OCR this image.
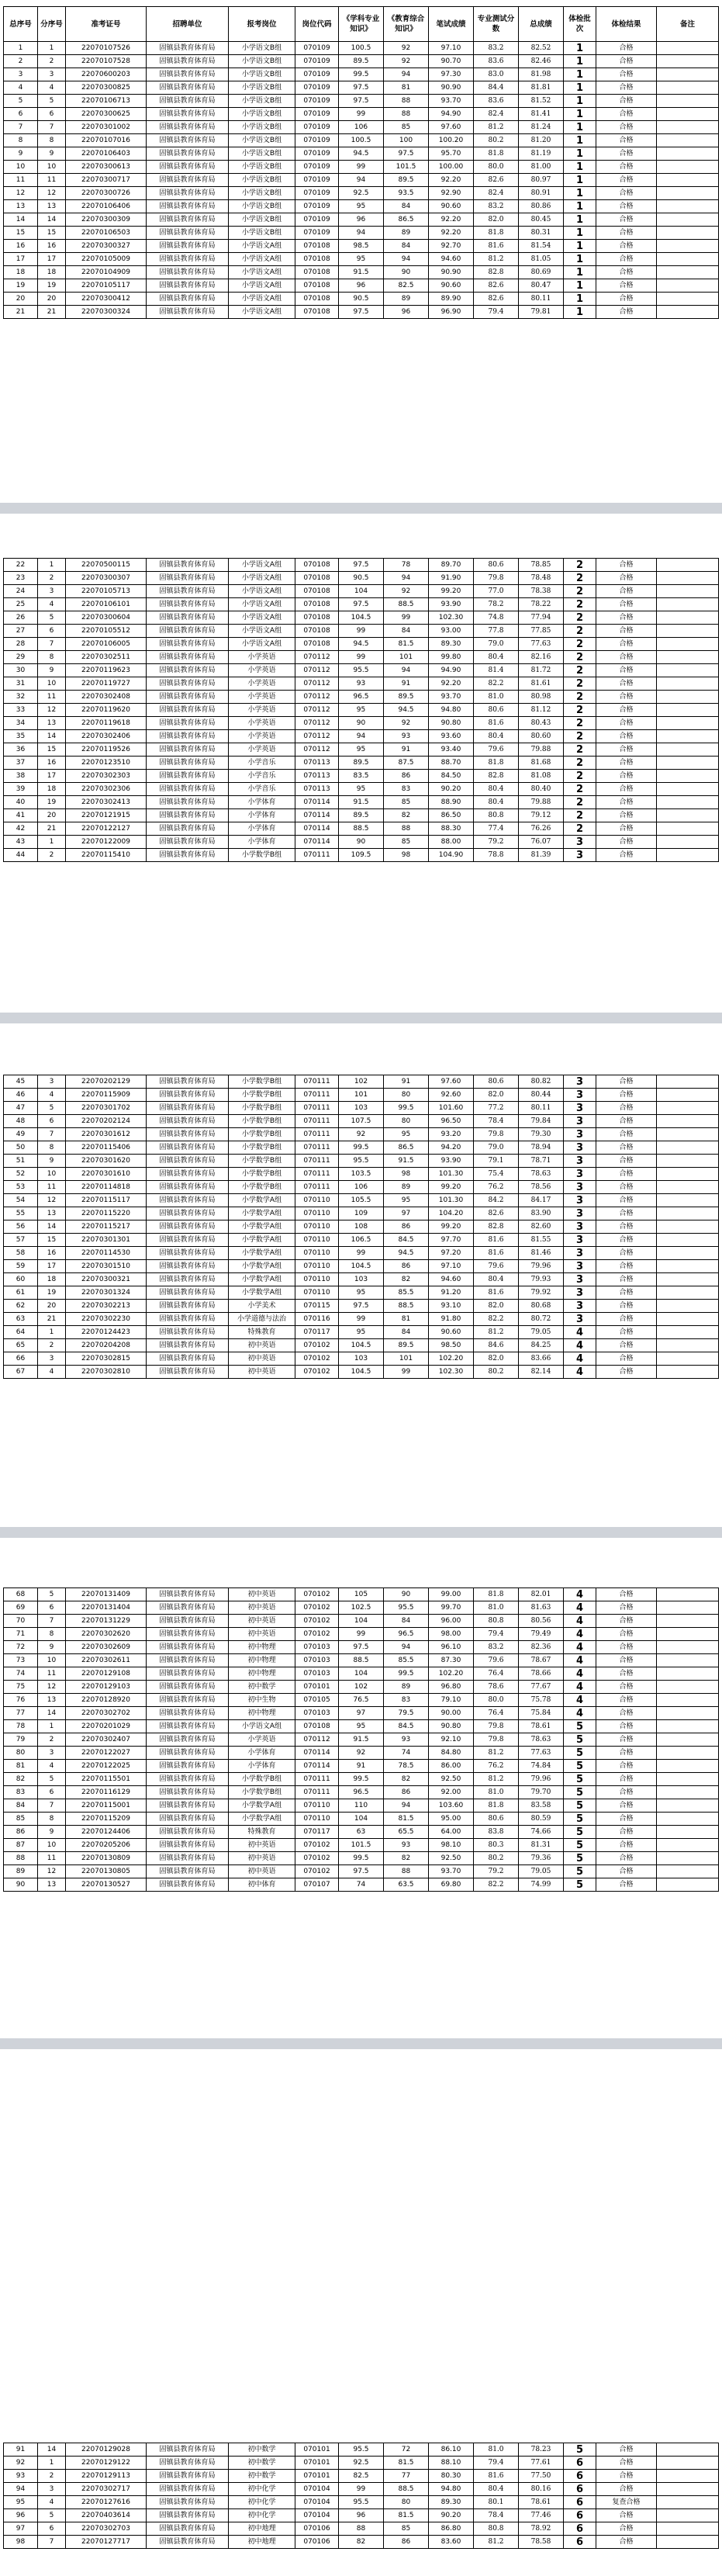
总序号	分序号	准考证号	招聘单位	报考岗位	岗位代码	《学科专业知识》	《教育综合知识》	笔试成绩	专业测试分数	总成绩	体检批次	体检结果	备注
1	1	22070107526	固镇县教育体育局	小学语文B组	070109	100.5	92	97.10	83.2	82.52	1	合格	
2	2	22070107528	固镇县教育体育局	小学语文B组	070109	89.5	92	90.70	83.6	82.46	1	合格	
3	3	22070600203	固镇县教育体育局	小学语文B组	070109	99.5	94	97.30	83.0	81.98	1	合格	
4	4	22070300825	固镇县教育体育局	小学语文B组	070109	97.5	81	90.90	84.4	81.81	1	合格	
5	5	22070106713	固镇县教育体育局	小学语文B组	070109	97.5	88	93.70	83.6	81.52	1	合格	
6	6	22070300625	固镇县教育体育局	小学语文B组	070109	99	88	94.90	82.4	81.41	1	合格	
7	7	22070301002	固镇县教育体育局	小学语文B组	070109	106	85	97.60	81.2	81.24	1	合格	
8	8	22070107016	固镇县教育体育局	小学语文B组	070109	100.5	100	100.20	80.2	81.20	1	合格	
9	9	22070106403	固镇县教育体育局	小学语文B组	070109	94.5	97.5	95.70	81.8	81.19	1	合格	
10	10	22070300613	固镇县教育体育局	小学语文B组	070109	99	101.5	100.00	80.0	81.00	1	合格	
11	11	22070300717	固镇县教育体育局	小学语文B组	070109	94	89.5	92.20	82.6	80.97	1	合格	
12	12	22070300726	固镇县教育体育局	小学语文B组	070109	92.5	93.5	92.90	82.4	80.91	1	合格	
13	13	22070106406	固镇县教育体育局	小学语文B组	070109	95	84	90.60	83.2	80.86	1	合格	
14	14	22070300309	固镇县教育体育局	小学语文B组	070109	96	86.5	92.20	82.0	80.45	1	合格	
15	15	22070106503	固镇县教育体育局	小学语文B组	070109	94	89	92.20	81.8	80.31	1	合格	
16	16	22070300327	固镇县教育体育局	小学语文A组	070108	98.5	84	92.70	81.6	81.54	1	合格	
17	17	22070105009	固镇县教育体育局	小学语文A组	070108	95	94	94.60	81.2	81.05	1	合格	
18	18	22070104909	固镇县教育体育局	小学语文A组	070108	91.5	90	90.90	82.8	80.69	1	合格	
19	19	22070105117	固镇县教育体育局	小学语文A组	070108	96	82.5	90.60	82.6	80.47	1	合格	
20	20	22070300412	固镇县教育体育局	小学语文A组	070108	90.5	89	89.90	82.6	80.11	1	合格	
21	21	22070300324	固镇县教育体育局	小学语文A组	070108	97.5	96	96.90	79.4	79.81	1	合格	
22	1	22070500115	固镇县教育体育局	小学语文A组	070108	97.5	78	89.70	80.6	78.85	2	合格	
23	2	22070300307	固镇县教育体育局	小学语文A组	070108	90.5	94	91.90	79.8	78.48	2	合格	
24	3	22070105713	固镇县教育体育局	小学语文A组	070108	104	92	99.20	77.0	78.38	2	合格	
25	4	22070106101	固镇县教育体育局	小学语文A组	070108	97.5	88.5	93.90	78.2	78.22	2	合格	
26	5	22070300604	固镇县教育体育局	小学语文A组	070108	104.5	99	102.30	74.8	77.94	2	合格	
27	6	22070105512	固镇县教育体育局	小学语文A组	070108	99	84	93.00	77.8	77.85	2	合格	
28	7	22070106005	固镇县教育体育局	小学语文A组	070108	94.5	81.5	89.30	79.0	77.63	2	合格	
29	8	22070302511	固镇县教育体育局	小学英语	070112	99	101	99.80	80.4	82.16	2	合格	
30	9	22070119623	固镇县教育体育局	小学英语	070112	95.5	94	94.90	81.4	81.72	2	合格	
31	10	22070119727	固镇县教育体育局	小学英语	070112	93	91	92.20	82.2	81.61	2	合格	
32	11	22070302408	固镇县教育体育局	小学英语	070112	96.5	89.5	93.70	81.0	80.98	2	合格	
33	12	22070119620	固镇县教育体育局	小学英语	070112	95	94.5	94.80	80.6	81.12	2	合格	
34	13	22070119618	固镇县教育体育局	小学英语	070112	90	92	90.80	81.6	80.43	2	合格	
35	14	22070302406	固镇县教育体育局	小学英语	070112	94	93	93.60	80.4	80.60	2	合格	
36	15	22070119526	固镇县教育体育局	小学英语	070112	95	91	93.40	79.6	79.88	2	合格	
37	16	22070123510	固镇县教育体育局	小学音乐	070113	89.5	87.5	88.70	81.8	81.68	2	合格	
38	17	22070302303	固镇县教育体育局	小学音乐	070113	83.5	86	84.50	82.8	81.08	2	合格	
39	18	22070302306	固镇县教育体育局	小学音乐	070113	95	83	90.20	80.4	80.40	2	合格	
40	19	22070302413	固镇县教育体育局	小学体育	070114	91.5	85	88.90	80.4	79.88	2	合格	
41	20	22070121915	固镇县教育体育局	小学体育	070114	89.5	82	86.50	80.8	79.12	2	合格	
42	21	22070122127	固镇县教育体育局	小学体育	070114	88.5	88	88.30	77.4	76.26	2	合格	
43	1	22070122009	固镇县教育体育局	小学体育	070114	90	85	88.00	79.2	76.07	3	合格	
44	2	22070115410	固镇县教育体育局	小学数学B组	070111	109.5	98	104.90	78.8	81.39	3	合格	
45	3	22070202129	固镇县教育体育局	小学数学B组	070111	102	91	97.60	80.6	80.82	3	合格	
46	4	22070115909	固镇县教育体育局	小学数学B组	070111	101	80	92.60	82.0	80.44	3	合格	
47	5	22070301702	固镇县教育体育局	小学数学B组	070111	103	99.5	101.60	77.2	80.11	3	合格	
48	6	22070202124	固镇县教育体育局	小学数学B组	070111	107.5	80	96.50	78.4	79.84	3	合格	
49	7	22070301612	固镇县教育体育局	小学数学B组	070111	92	95	93.20	79.8	79.30	3	合格	
50	8	22070115406	固镇县教育体育局	小学数学B组	070111	99.5	86.5	94.20	79.0	78.94	3	合格	
51	9	22070301620	固镇县教育体育局	小学数学B组	070111	95.5	91.5	93.90	79.1	78.71	3	合格	
52	10	22070301610	固镇县教育体育局	小学数学B组	070111	103.5	98	101.30	75.4	78.63	3	合格	
53	11	22070114818	固镇县教育体育局	小学数学B组	070111	106	89	99.20	76.2	78.56	3	合格	
54	12	22070115117	固镇县教育体育局	小学数学A组	070110	105.5	95	101.30	84.2	84.17	3	合格	
55	13	22070115220	固镇县教育体育局	小学数学A组	070110	109	97	104.20	82.6	83.90	3	合格	
56	14	22070115217	固镇县教育体育局	小学数学A组	070110	108	86	99.20	82.8	82.60	3	合格	
57	15	22070301301	固镇县教育体育局	小学数学A组	070110	106.5	84.5	97.70	81.6	81.55	3	合格	
58	16	22070114530	固镇县教育体育局	小学数学A组	070110	99	94.5	97.20	81.6	81.46	3	合格	
59	17	22070301510	固镇县教育体育局	小学数学A组	070110	104.5	86	97.10	79.6	79.96	3	合格	
60	18	22070300321	固镇县教育体育局	小学数学A组	070110	103	82	94.60	80.4	79.93	3	合格	
61	19	22070301324	固镇县教育体育局	小学数学A组	070110	95	85.5	91.20	81.6	79.92	3	合格	
62	20	22070302213	固镇县教育体育局	小学美术	070115	97.5	88.5	93.10	82.0	80.68	3	合格	
63	21	22070302230	固镇县教育体育局	小学道德与法治	070116	99	81	91.80	82.2	80.72	3	合格	
64	1	22070124423	固镇县教育体育局	特殊教育	070117	95	84	90.60	81.2	79.05	4	合格	
65	2	22070204208	固镇县教育体育局	初中英语	070102	104.5	89.5	98.50	84.6	84.25	4	合格	
66	3	22070302815	固镇县教育体育局	初中英语	070102	103	101	102.20	82.0	83.66	4	合格	
67	4	22070302810	固镇县教育体育局	初中英语	070102	104.5	99	102.30	80.2	82.14	4	合格	
68	5	22070131409	固镇县教育体育局	初中英语	070102	105	90	99.00	81.8	82.01	4	合格	
69	6	22070131404	固镇县教育体育局	初中英语	070102	102.5	95.5	99.70	81.0	81.63	4	合格	
70	7	22070131229	固镇县教育体育局	初中英语	070102	104	84	96.00	80.8	80.56	4	合格	
71	8	22070302620	固镇县教育体育局	初中英语	070102	99	96.5	98.00	79.4	79.49	4	合格	
72	9	22070302609	固镇县教育体育局	初中物理	070103	97.5	94	96.10	83.2	82.36	4	合格	
73	10	22070302611	固镇县教育体育局	初中物理	070103	88.5	85.5	87.30	79.6	78.67	4	合格	
74	11	22070129108	固镇县教育体育局	初中物理	070103	104	99.5	102.20	76.4	78.66	4	合格	
75	12	22070129103	固镇县教育体育局	初中数学	070101	102	89	96.80	78.6	77.67	4	合格	
76	13	22070128920	固镇县教育体育局	初中生物	070105	76.5	83	79.10	80.0	75.78	4	合格	
77	14	22070302702	固镇县教育体育局	初中物理	070103	97	79.5	90.00	76.4	75.84	4	合格	
78	1	22070201029	固镇县教育体育局	小学语文A组	070108	95	84.5	90.80	79.8	78.61	5	合格	
79	2	22070302407	固镇县教育体育局	小学英语	070112	91.5	93	92.10	79.8	78.63	5	合格	
80	3	22070122027	固镇县教育体育局	小学体育	070114	92	74	84.80	81.2	77.63	5	合格	
81	4	22070122025	固镇县教育体育局	小学体育	070114	91	78.5	86.00	76.2	74.84	5	合格	
82	5	22070115501	固镇县教育体育局	小学数学B组	070111	99.5	82	92.50	81.2	79.96	5	合格	
83	6	22070116129	固镇县教育体育局	小学数学B组	070111	96.5	86	92.00	81.0	79.70	5	合格	
84	7	22070115001	固镇县教育体育局	小学数学A组	070110	110	94	103.60	81.8	83.58	5	合格	
85	8	22070115209	固镇县教育体育局	小学数学A组	070110	104	81.5	95.00	80.6	80.59	5	合格	
86	9	22070124406	固镇县教育体育局	特殊教育	070117	63	65.5	64.00	83.8	74.66	5	合格	
87	10	22070205206	固镇县教育体育局	初中英语	070102	101.5	93	98.10	80.3	81.31	5	合格	
88	11	22070130809	固镇县教育体育局	初中英语	070102	99.5	82	92.50	80.2	79.36	5	合格	
89	12	22070130805	固镇县教育体育局	初中英语	070102	97.5	88	93.70	79.2	79.05	5	合格	
90	13	22070130527	固镇县教育体育局	初中体育	070107	74	63.5	69.80	82.2	74.99	5	合格	
91	14	22070129028	固镇县教育体育局	初中数学	070101	95.5	72	86.10	81.0	78.23	5	合格	
92	1	22070129122	固镇县教育体育局	初中数学	070101	92.5	81.5	88.10	79.4	77.61	6	合格	
93	2	22070129113	固镇县教育体育局	初中数学	070101	82.5	77	80.30	81.6	77.50	6	合格	
94	3	22070302717	固镇县教育体育局	初中化学	070104	99	88.5	94.80	80.4	80.16	6	合格	
95	4	22070127616	固镇县教育体育局	初中化学	070104	95.5	80	89.30	80.1	78.61	6	复查合格	
96	5	22070403614	固镇县教育体育局	初中化学	070104	96	81.5	90.20	78.4	77.46	6	合格	
97	6	22070302703	固镇县教育体育局	初中地理	070106	88	85	86.80	80.8	78.92	6	合格	
98	7	22070127717	固镇县教育体育局	初中地理	070106	82	86	83.60	81.2	78.58	6	合格	
